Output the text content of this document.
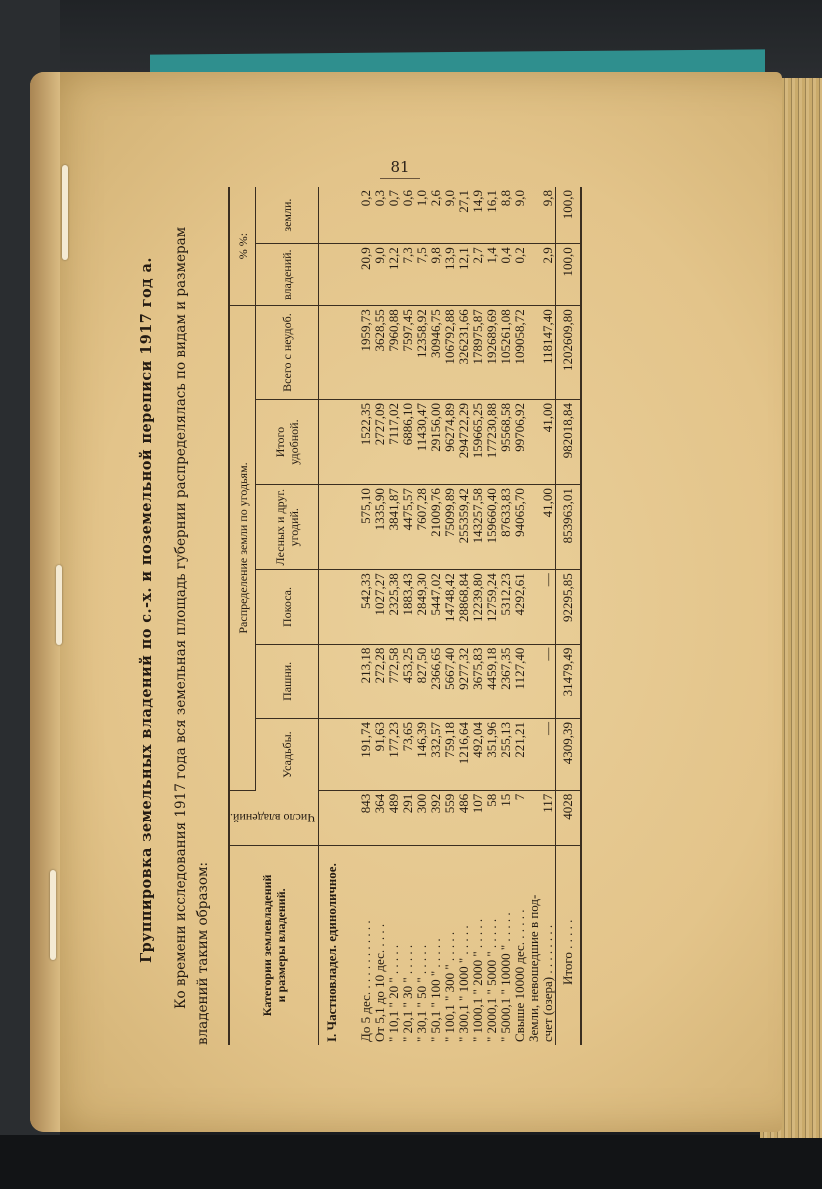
81

Группировка земельных владений по с.-х. и поземельной переписи 1917 год а.	Ко времени исследования 1917 года вся земельная площадь губернии распределялась по видам и размерам владений таким образом:	Категории землевладений
и размеры владений.	Число владений.	Распределение земли по угодьям.						% %:	
		Усадьбы.	Пашни.	Покоса.	Лесных и друг. угодий.	Итого удобной.	Всего с неудоб.	владений.	земли.
I. Частновладел. единоличное.									
До 5 дес. . . . . . . . . . . .	843	191,74	213,18	542,33	575,10	1522,35	1959,73	20,9	0,2
От 5,1 до 10 дес. . . . .	364	91,63	272,28	1027,27	1335,90	2727,09	3628,55	9,0	0,3
" 10,1 " 20 " . . . . .	489	177,23	772,58	2325,38	3841,87	7117,02	7960,88	12,2	0,7
" 20,1 " 30 " . . . . .	291	73,65	453,25	1883,43	4475,57	6886,10	7597,45	7,3	0,6
" 30,1 " 50 " . . . . .	300	146,39	827,50	2849,30	7607,28	11430,47	12358,92	7,5	1,0
" 50,1 " 100 " . . . . .	392	332,57	2366,65	5447,02	21009,76	29156,00	30946,75	9,8	2,6
" 100,1 " 300 " . . . . .	559	759,18	5667,40	14748,42	75099,89	96274,89	106792,88	13,9	9,0
" 300,1 " 1000 " . . . . .	486	1216,64	9277,32	28868,84	255359,42	294722,29	326231,66	12,1	27,1
" 1000,1 " 2000 " . . . . .	107	492,04	3675,83	12239,80	143257,58	159665,25	178975,87	2,7	14,9
" 2000,1 " 5000 " . . . . .	58	351,96	4459,18	12759,24	159660,40	177230,88	192689,69	1,4	16,1
" 5000,1 " 10000 " . . . . .	15	255,13	2367,35	5312,23	87633,83	95568,58	105261,08	0,4	8,8
Свыше 10000 дес. . . . . .	7	221,21	1127,40	4292,61	94065,70	99706,92	109058,72	0,2	9,0
Земли, невошедшие в под-
счет (озера) . . . . . . . .	117	—	—	—	41,00	41,00	118147,40	2,9	9,8
Итого . . . . .	4028	4309,39	31479,49	92295,85	853963,01	982018,84	1202609,80	100,0	100,0
